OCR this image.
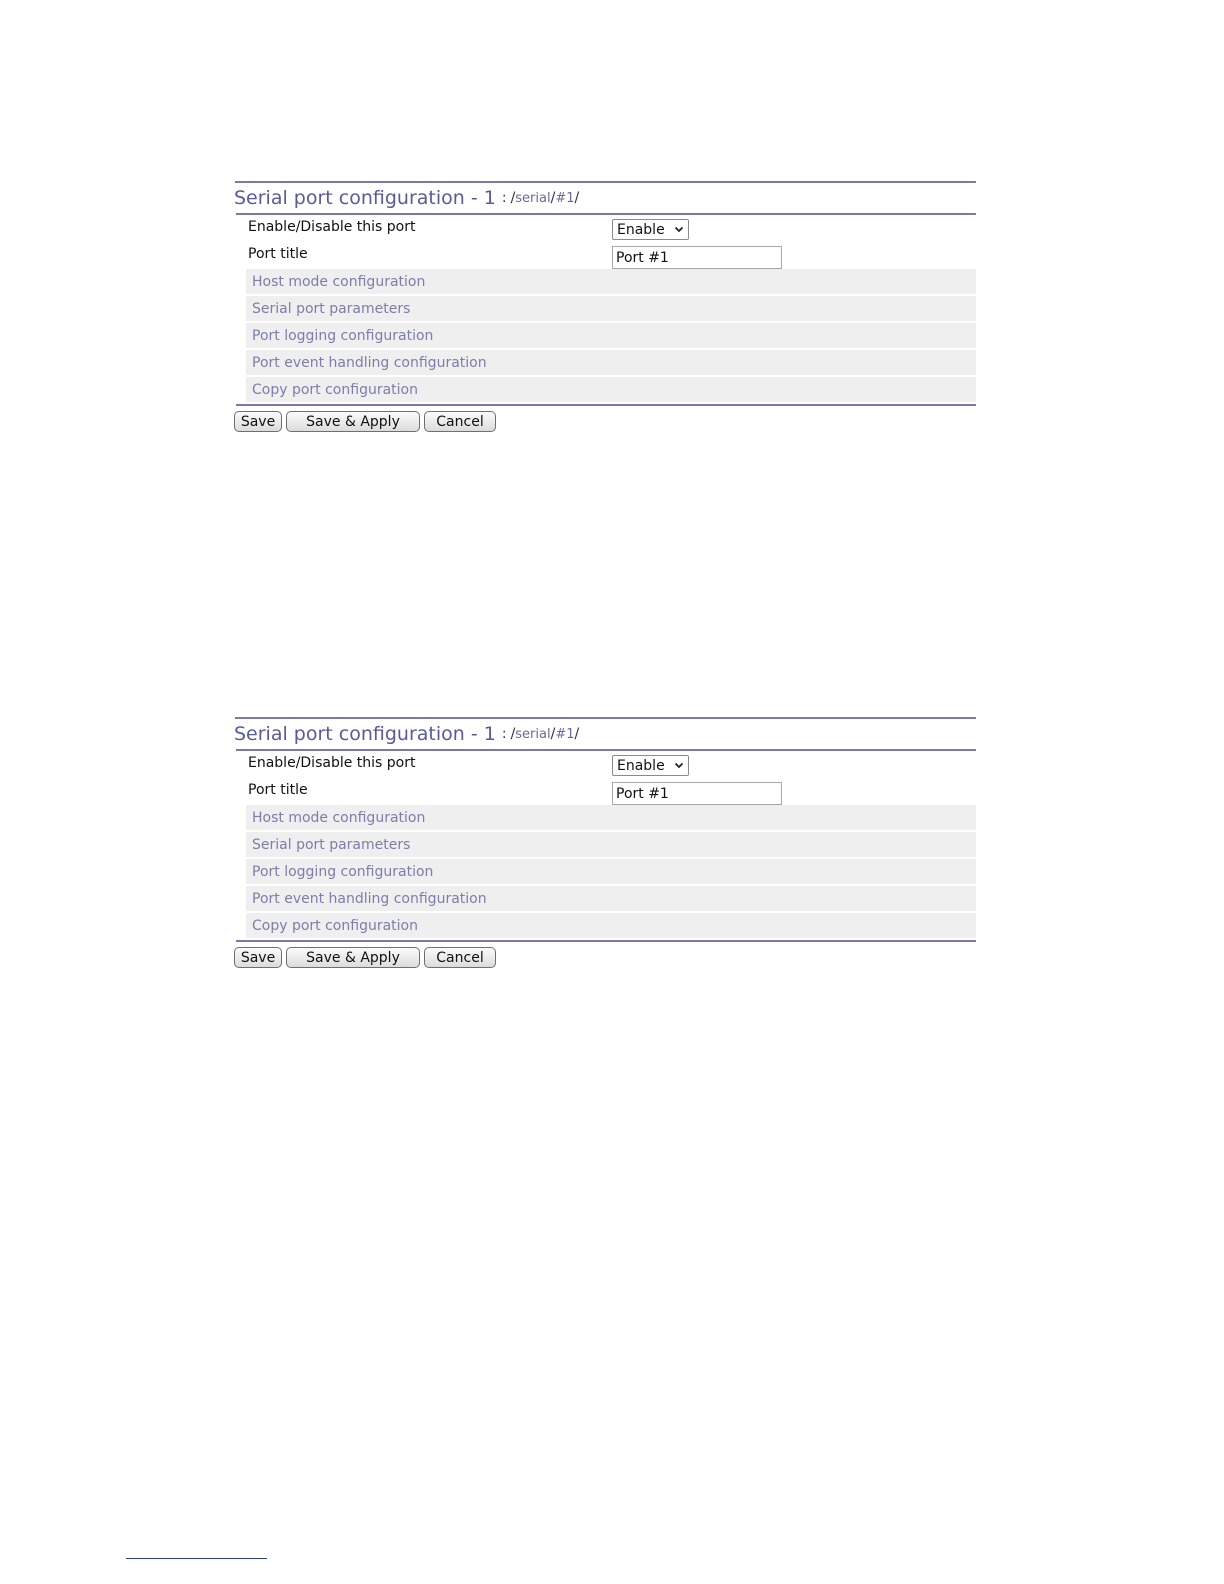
Serial port configuration - 1 : / serial / #1 /
Enable/Disable this port	Enable
Port title	Port #1
Host mode configuration
Serial port parameters
Port logging configuration
Port event handling configuration
Copy port configuration
Save	Save & Apply	Cancel
Serial port configuration - 1 : / serial / #1 /
Enable/Disable this port	Enable
Port title	Port #1
Host mode configuration
Serial port parameters
Port logging configuration
Port event handling configuration
Copy port configuration
Save	Save & Apply	Cancel
